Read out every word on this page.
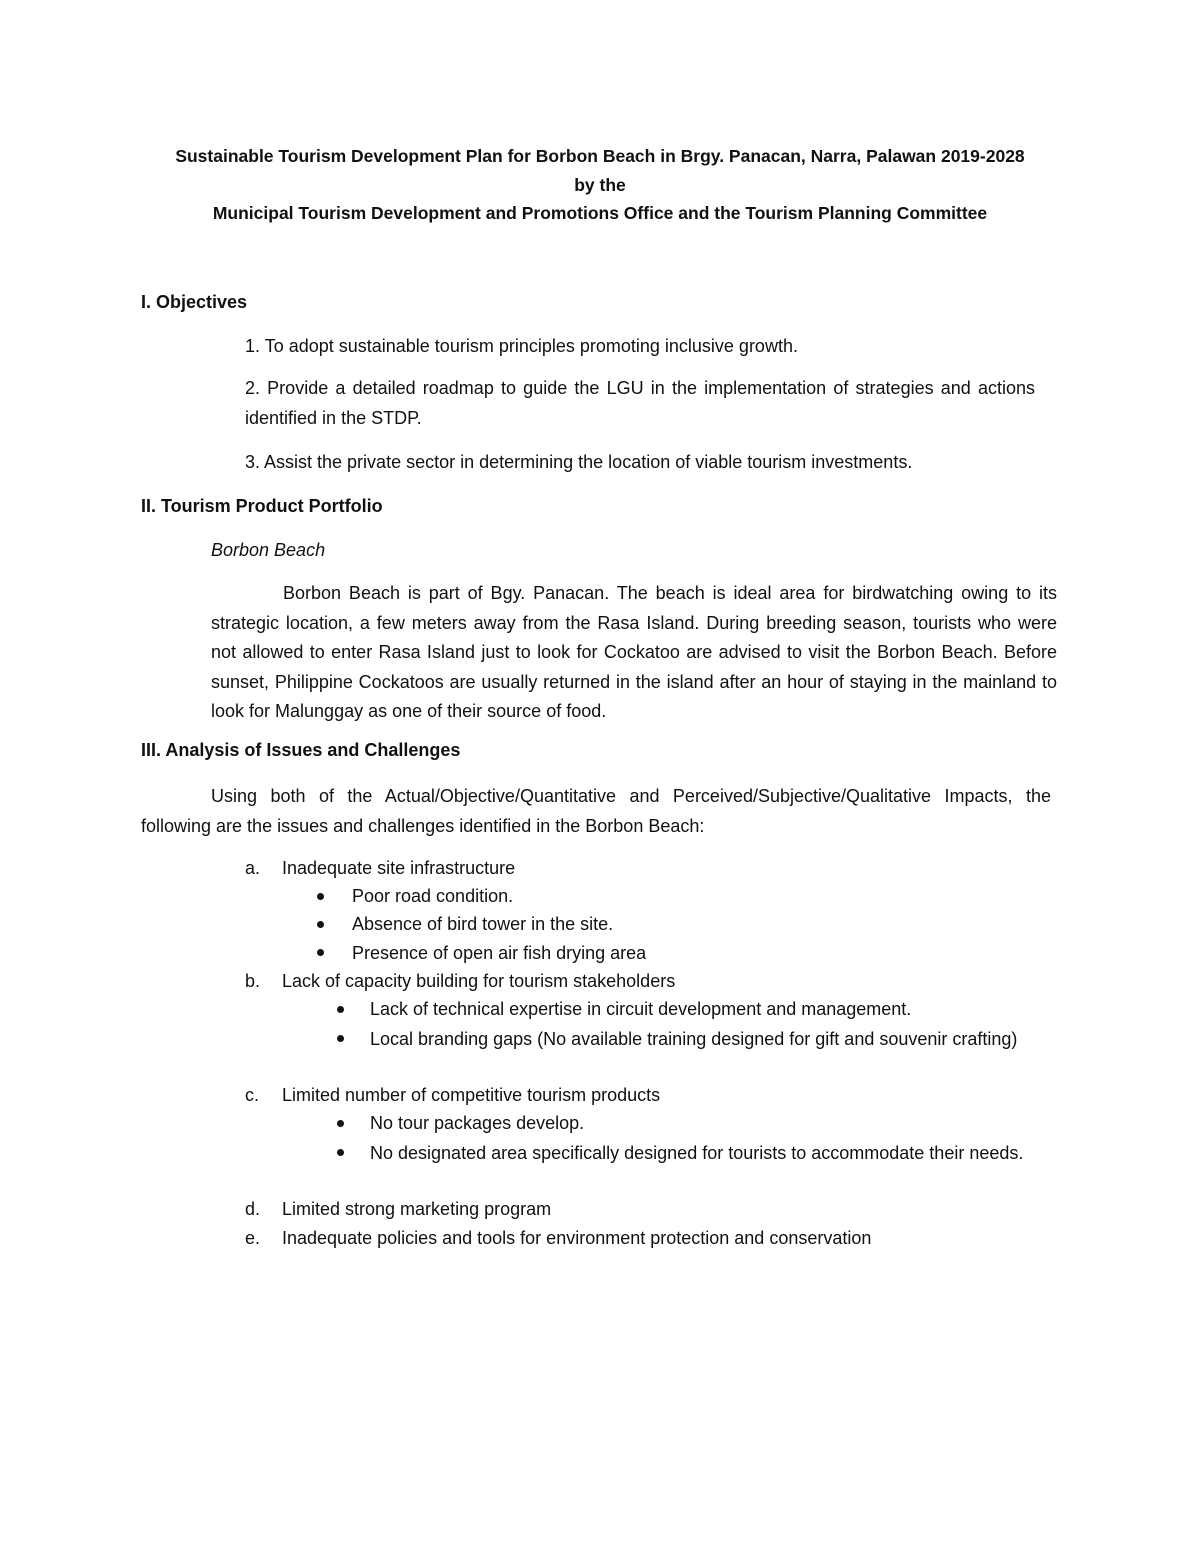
Sustainable Tourism Development Plan for Borbon Beach in Brgy. Panacan, Narra, Palawan 2019-2028
by the
Municipal Tourism Development and Promotions Office and the Tourism Planning Committee
I. Objectives
1. To adopt sustainable tourism principles promoting inclusive growth.
2. Provide a detailed roadmap to guide the LGU in the implementation of strategies and actions identified in the STDP.
3. Assist the private sector in determining the location of viable tourism investments.
II. Tourism Product Portfolio
Borbon Beach
Borbon Beach is part of Bgy. Panacan. The beach is ideal area for birdwatching owing to its strategic location, a few meters away from the Rasa Island. During breeding season, tourists who were not allowed to enter Rasa Island just to look for Cockatoo are advised to visit the Borbon Beach. Before sunset, Philippine Cockatoos are usually returned in the island after an hour of staying in the mainland to look for Malunggay as one of their source of food.
III. Analysis of Issues and Challenges
Using both of the Actual/Objective/Quantitative and Perceived/Subjective/Qualitative Impacts, the following are the issues and challenges identified in the Borbon Beach:
a. Inadequate site infrastructure
Poor road condition.
Absence of bird tower in the site.
Presence of open air fish drying area
b. Lack of capacity building for tourism stakeholders
Lack of technical expertise in circuit development and management.
Local branding gaps (No available training designed for gift and souvenir crafting)
c. Limited number of competitive tourism products
No tour packages develop.
No designated area specifically designed for tourists to accommodate their needs.
d. Limited strong marketing program
e. Inadequate policies and tools for environment protection and conservation
